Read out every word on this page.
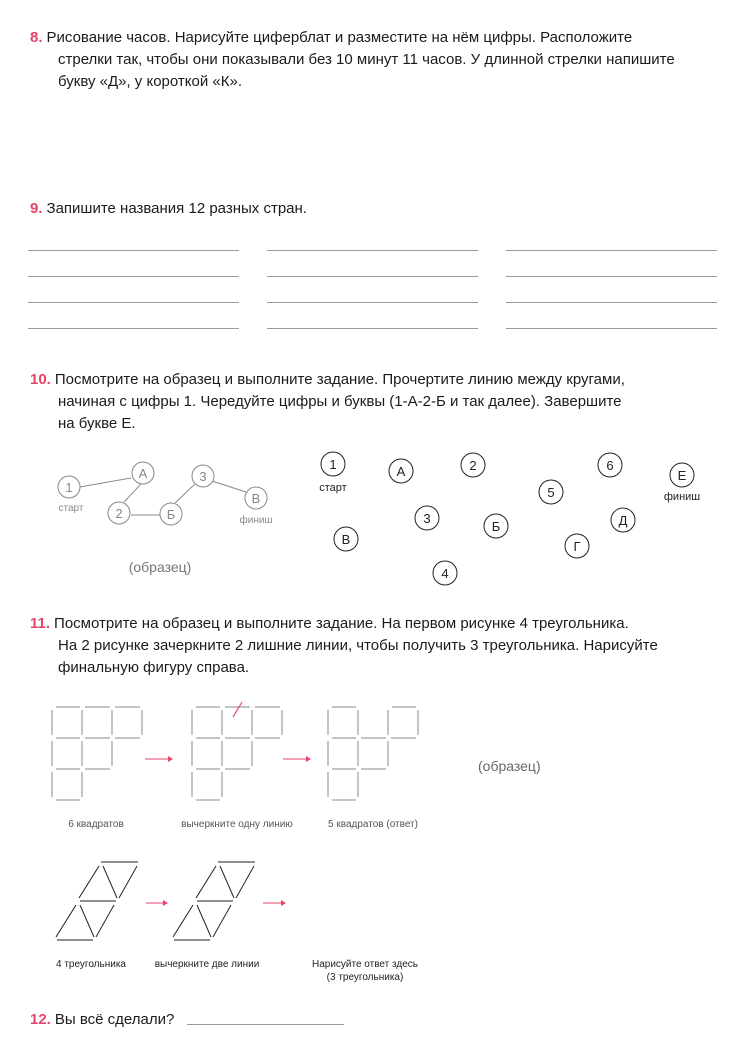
8. Рисование часов. Нарисуйте циферблат и разместите на нём цифры. Расположите
стрелки так, чтобы они показывали без 10 минут 11 часов. У длинной стрелки напишите
букву «Д», у короткой «К».
9. Запишите названия 12 разных стран.
10. Посмотрите на образец и выполните задание. Прочертите линию между кругами,
начиная с цифры 1. Чередуйте цифры и буквы (1-А-2-Б и так далее). Завершите
на букве Е.
1
А
2	Б
3
В
старт
финиш
(образец)
1	А	2	6
Е
5
3
Б	Д
В	Г
4
старт
финиш
11. Посмотрите на образец и выполните задание. На первом рисунке 4 треугольника.
На 2 рисунке зачеркните 2 лишние линии, чтобы получить 3 треугольника. Нарисуйте
финальную фигуру справа.
(образец)
6 квадратов	вычеркните одну линию	5 квадратов (ответ)
4 треугольника	вычеркните две линии	Нарисуйте ответ здесь
(3 треугольника)
12. Вы всё сделали?
